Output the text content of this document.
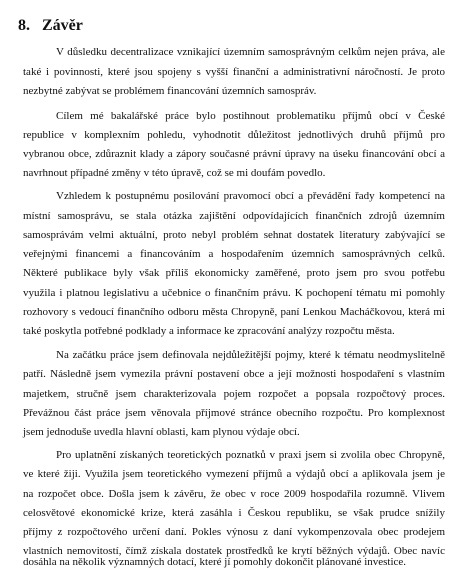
8. Závěr
V důsledku decentralizace vznikající územním samosprávným celkům nejen práva, ale
také i povinnosti, které jsou spojeny s vyšší finanční a administrativní náročností. Je proto
nezbytné zabývat se problémem financování územních samospráv.
Cílem mé bakalářské práce bylo postihnout problematiku příjmů obcí v České
republice v komplexním pohledu, vyhodnotit důležitost jednotlivých druhů příjmů pro
vybranou obce, zdůraznit klady a zápory současné právní úpravy na úseku financování obcí a
navrhnout případné změny v této úpravě, což se mi doufám povedlo.
Vzhledem k postupnému posilování pravomocí obcí a převádění řady kompetencí na
místní samosprávu, se stala otázka zajištění odpovídajících finančních zdrojů územním
samosprávám velmi aktuální, proto nebyl problém sehnat dostatek literatury zabývající se
veřejnými financemi a financováním a hospodařením územních samosprávných celků.
Některé publikace byly však příliš ekonomicky zaměřené, proto jsem pro svou potřebu
využila i platnou legislativu a učebnice o finančním právu. K pochopení tématu mi pomohly
rozhovory s vedoucí finančního odboru města Chropyně, paní Lenkou Macháčkovou, která mi
také poskytla potřebné podklady a informace ke zpracování analýzy rozpočtu města.
Na začátku práce jsem definovala nejdůležitější pojmy, které k tématu neodmyslitelně
patří. Následně jsem vymezila právní postavení obce a její možnosti hospodaření s vlastním
majetkem, stručně jsem charakterizovala pojem rozpočet a popsala rozpočtový proces.
Převážnou část práce jsem věnovala příjmové stránce obecního rozpočtu. Pro komplexnost
jsem jednoduše uvedla hlavní oblasti, kam plynou výdaje obcí.
Pro uplatnění získaných teoretických poznatků v praxi jsem si zvolila obec Chropyně,
ve které žiji. Využila jsem teoretického vymezení příjmů a výdajů obcí a aplikovala jsem je
na rozpočet obce. Došla jsem k závěru, že obec v roce 2009 hospodařila rozumně. Vlivem
celosvětové ekonomické krize, která zasáhla i Českou republiku, se však prudce snížily
příjmy z rozpočtového určení daní. Pokles výnosu z daní vykompenzovala obec prodejem
vlastních nemovitostí, čímž získala dostatek prostředků ke krytí běžných výdajů. Obec navíc
dosáhla na několik významných dotací, které jí pomohly dokončit plánované investice.
